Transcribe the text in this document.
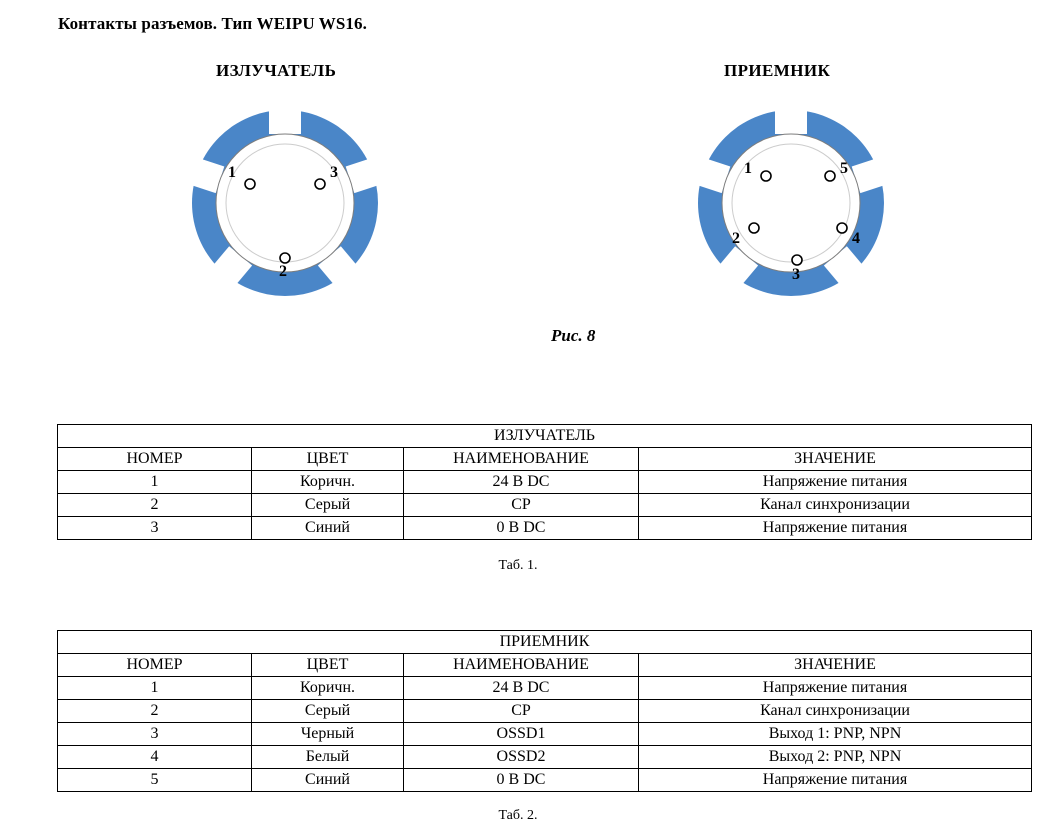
Контакты разъемов. Тип WEIPU WS16.
ИЗЛУЧАТЕЛЬ	ПРИЕМНИК
1	3
2
1	5
2	4
3
Рис. 8
ИЗЛУЧАТЕЛЬ			
НОМЕР	ЦВЕТ	НАИМЕНОВАНИЕ	ЗНАЧЕНИЕ
1	Коричн.	24 В DC	Напряжение питания
2	Серый	CP	Канал синхронизации
3	Синий	0 В DC	Напряжение питания
Таб. 1.
ПРИЕМНИК			
НОМЕР	ЦВЕТ	НАИМЕНОВАНИЕ	ЗНАЧЕНИЕ
1	Коричн.	24 В DC	Напряжение питания
2	Серый	CP	Канал синхронизации
3	Черный	OSSD1	Выход 1: PNP, NPN
4	Белый	OSSD2	Выход 2: PNP, NPN
5	Синий	0 В DC	Напряжение питания
Таб. 2.
